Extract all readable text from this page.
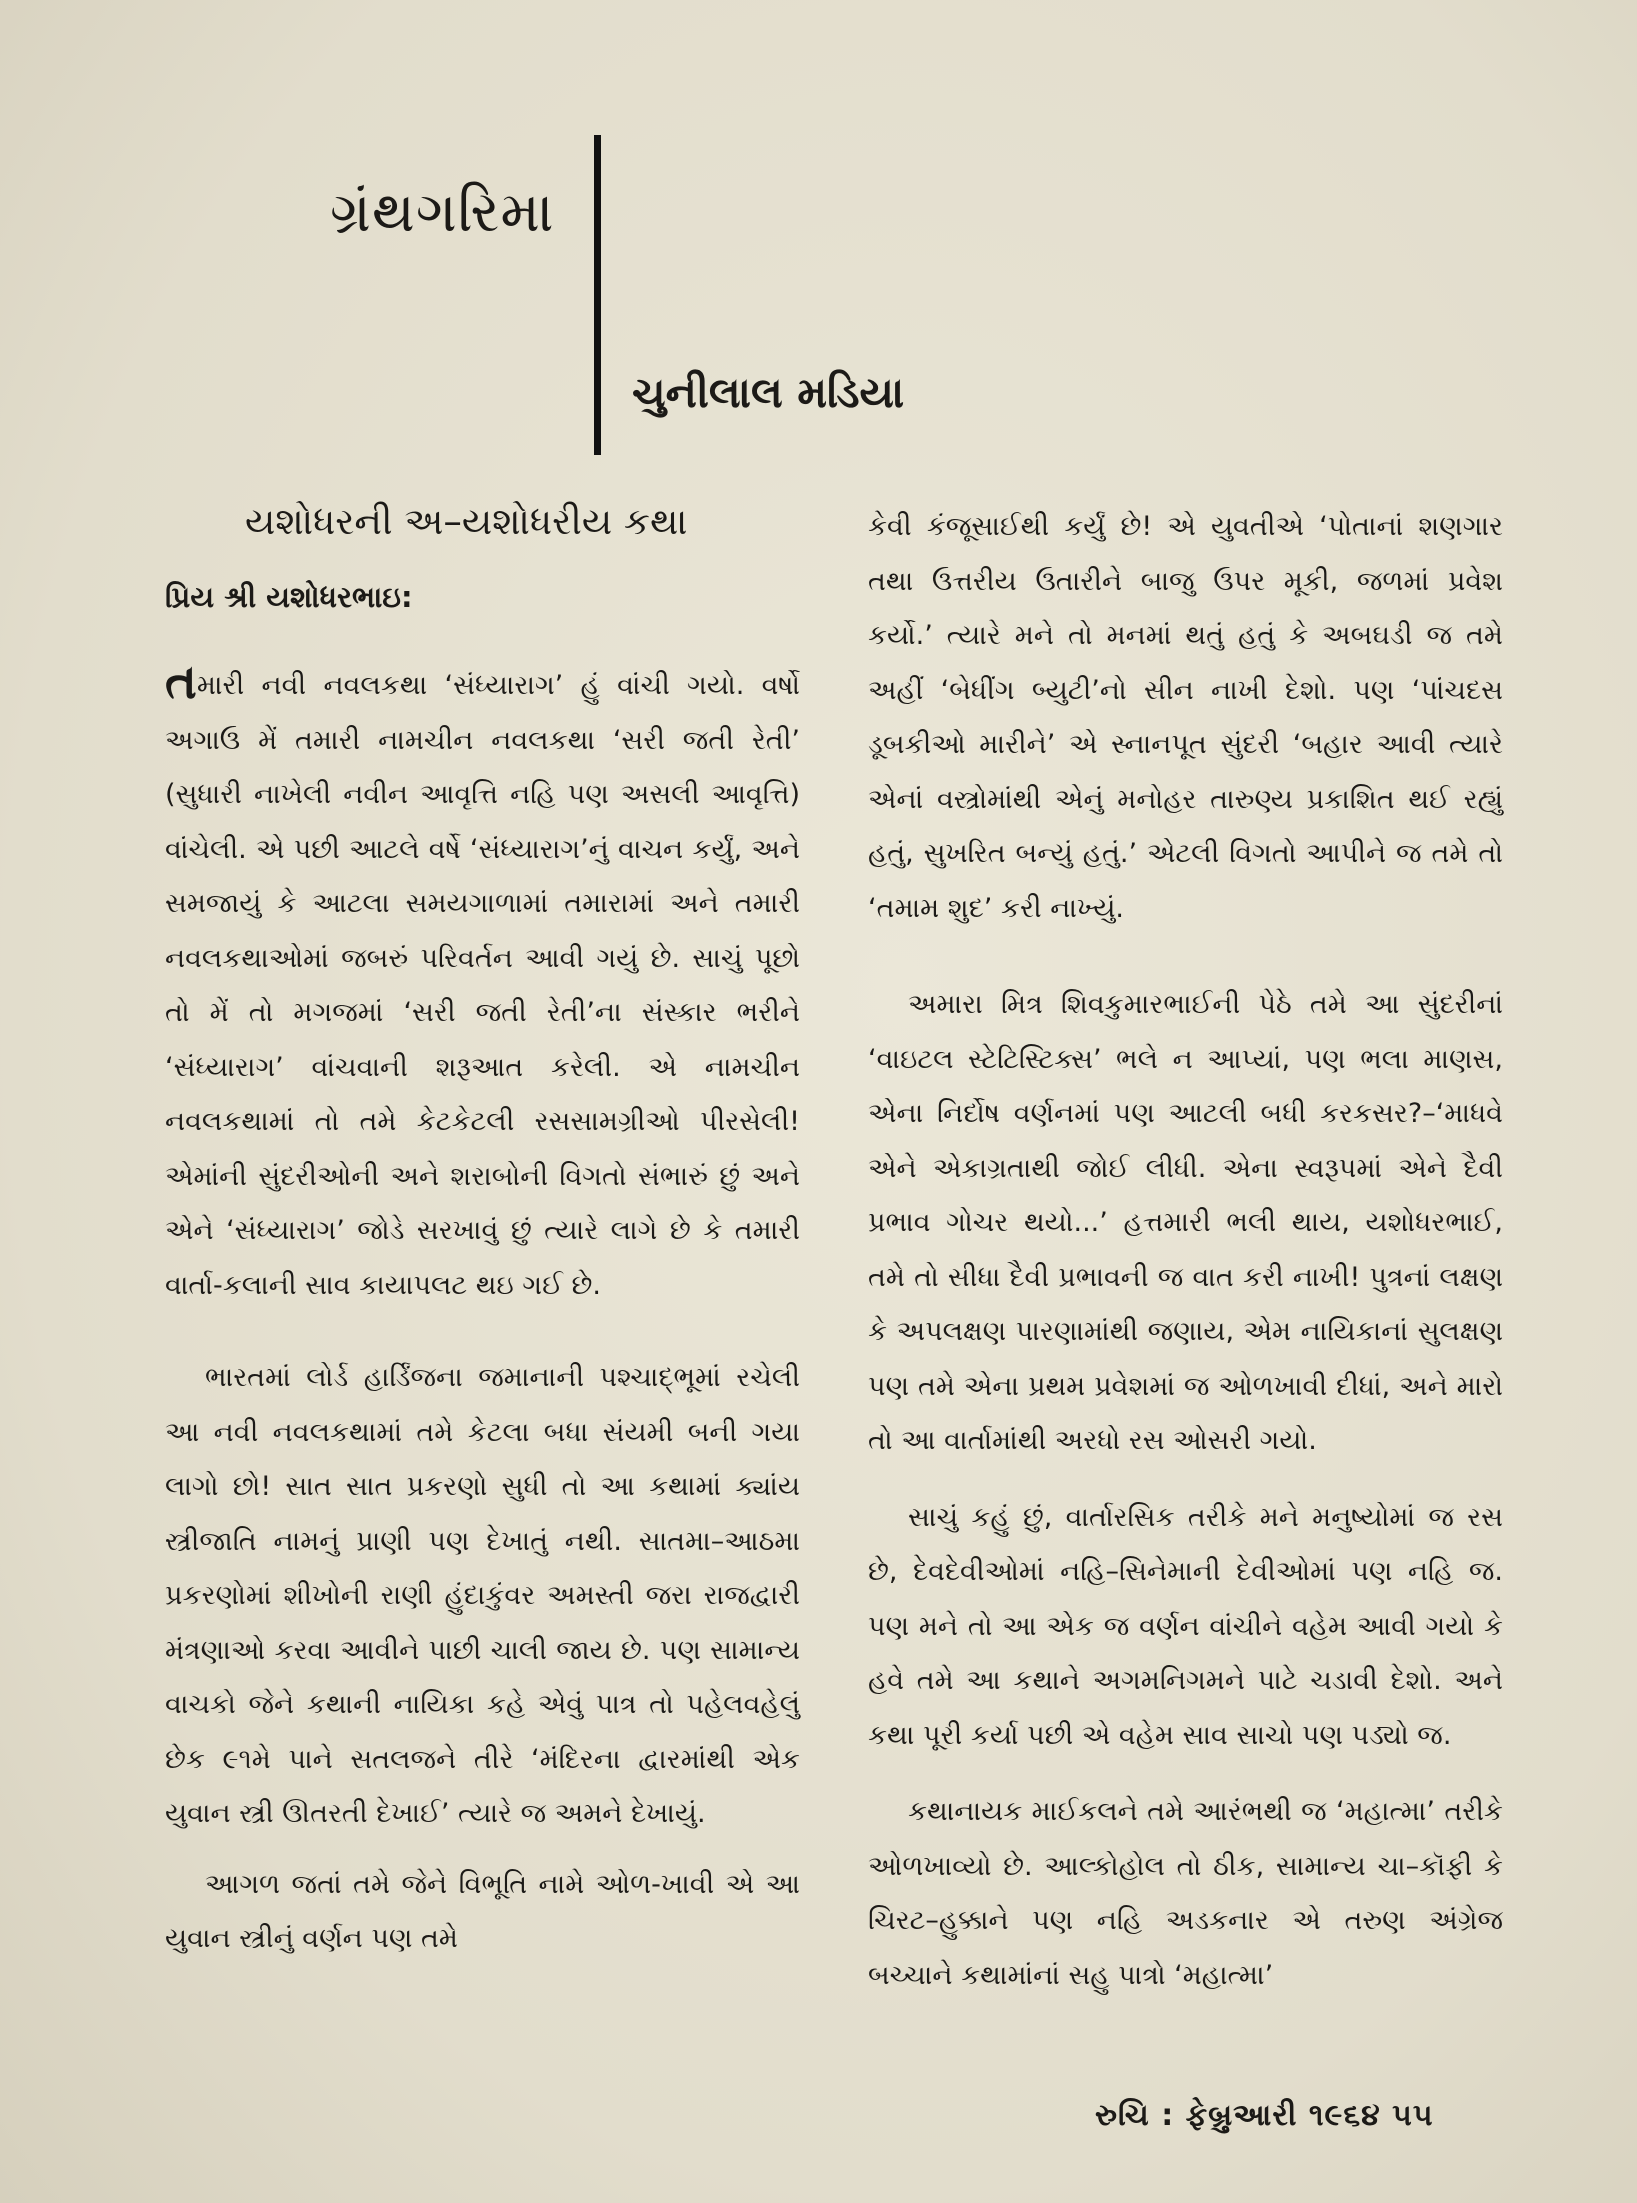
ગ્રંથગરિમા
ચુનીલાલ મડિયા
યશોધરની અ–યશોધરીય કથા
પ્રિય શ્રી યશોધરભાઇ:

તમારી નવી નવલકથા ‘સંધ્યારાગ’ હું વાંચી ગયો. વર્ષો અગાઉ મેં તમારી નામચીન નવલકથા ‘સરી જતી રેતી’ (સુધારી નાખેલી નવીન આવૃત્તિ નહિ પણ અસલી આવૃત્તિ) વાંચેલી. એ પછી આટલે વર્ષે ‘સંધ્યારાગ’નું વાચન કર્યું, અને સમજાયું કે આટલા સમયગાળામાં તમારામાં અને તમારી નવલકથાઓમાં જબરું પરિવર્તન આવી ગયું છે. સાચું પૂછો તો મેં તો મગજમાં ‘સરી જતી રેતી’ના સંસ્કાર ભરીને ‘સંધ્યારાગ’ વાંચવાની શરૂઆત કરેલી. એ નામચીન નવલકથામાં તો તમે કેટકેટલી રસસામગ્રીઓ પીરસેલી! એમાંની સુંદરીઓની અને શરાબોની વિગતો સંભારું છું અને એને ‘સંધ્યારાગ’ જોડે સરખાવું છું ત્યારે લાગે છે કે તમારી વાર્તા-કલાની સાવ કાયાપલટ થઇ ગઈ છે.

ભારતમાં લોર્ડ હાર્ડિંજના જમાનાની પશ્ચાદ્ભૂમાં રચેલી આ નવી નવલકથામાં તમે કેટલા બધા સંયમી બની ગયા લાગો છો! સાત સાત પ્રકરણો સુધી તો આ કથામાં ક્યાંય સ્ત્રીજાતિ નામનું પ્રાણી પણ દેખાતું નથી. સાતમા–આઠમા પ્રકરણોમાં શીખોની રાણી હુંદાકુંવર અમસ્તી જરા રાજદ્વારી મંત્રણાઓ કરવા આવીને પાછી ચાલી જાય છે. પણ સામાન્ય વાચકો જેને કથાની નાયિકા કહે એવું પાત્ર તો પહેલવહેલું છેક ૯૧મે પાને સતલજને તીરે ‘મંદિરના દ્વારમાંથી એક યુવાન સ્ત્રી ઊતરતી દેખાઈ’ ત્યારે જ અમને દેખાયું.

આગળ જતાં તમે જેને વિભૂતિ નામે ઓળ-ખાવી એ આ યુવાન સ્ત્રીનું વર્ણન પણ તમે

કેવી કંજૂસાઈથી કર્યું છે! એ યુવતીએ ‘પોતાનાં શણગાર તથા ઉત્તરીય ઉતારીને બાજુ ઉપર મૂકી, જળમાં પ્રવેશ કર્યો.’ ત્યારે મને તો મનમાં થતું હતું કે અબઘડી જ તમે અહીં ‘બેધીંગ બ્યુટી’નો સીન નાખી દેશો. પણ ‘પાંચદસ ડૂબકીઓ મારીને’ એ સ્નાનપૂત સુંદરી ‘બહાર આવી ત્યારે એનાં વસ્ત્રોમાંથી એનું મનોહર તારુણ્ય પ્રકાશિત થઈ રહ્યું હતું, સુખરિત બન્યું હતું.’ એટલી વિગતો આપીને જ તમે તો ‘તમામ શુદ’ કરી નાખ્યું.

અમારા મિત્ર શિવકુમારભાઈની પેઠે તમે આ સુંદરીનાં ‘વાઇટલ સ્ટેટિસ્ટિક્સ’ ભલે ન આપ્યાં, પણ ભલા માણસ, એના નિર્દોષ વર્ણનમાં પણ આટલી બધી કરકસર?–‘માધવે એને એકાગ્રતાથી જોઈ લીધી. એના સ્વરૂપમાં એને દૈવી પ્રભાવ ગોચર થયો...’ હત્તમારી ભલી થાય, યશોધરભાઈ, તમે તો સીધા દૈવી પ્રભાવની જ વાત કરી નાખી! પુત્રનાં લક્ષણ કે અપલક્ષણ પારણામાંથી જણાય, એમ નાયિકાનાં સુલક્ષણ પણ તમે એના પ્રથમ પ્રવેશમાં જ ઓળખાવી દીધાં, અને મારો તો આ વાર્તામાંથી અરધો રસ ઓસરી ગયો.

સાચું કહું છું, વાર્તારસિક તરીકે મને મનુષ્યોમાં જ રસ છે, દેવદેવીઓમાં નહિ–સિનેમાની દેવીઓમાં પણ નહિ જ. પણ મને તો આ એક જ વર્ણન વાંચીને વહેમ આવી ગયો કે હવે તમે આ કથાને અગમનિગમને પાટે ચડાવી દેશો. અને કથા પૂરી કર્યા પછી એ વહેમ સાવ સાચો પણ પડ્યો જ.

કથાનાયક માઈકલને તમે આરંભથી જ ‘મહાત્મા’ તરીકે ઓળખાવ્યો છે. આલ્કોહોલ તો ઠીક, સામાન્ય ચા–કૉફી કે ચિરટ–હુક્કાને પણ નહિ અડકનાર એ તરુણ અંગ્રેજ બચ્ચાને કથામાંનાં સહુ પાત્રો ‘મહાત્મા’

રુચિ : ફેબ્રુઆરી ૧૯૬૪ ૫૫
